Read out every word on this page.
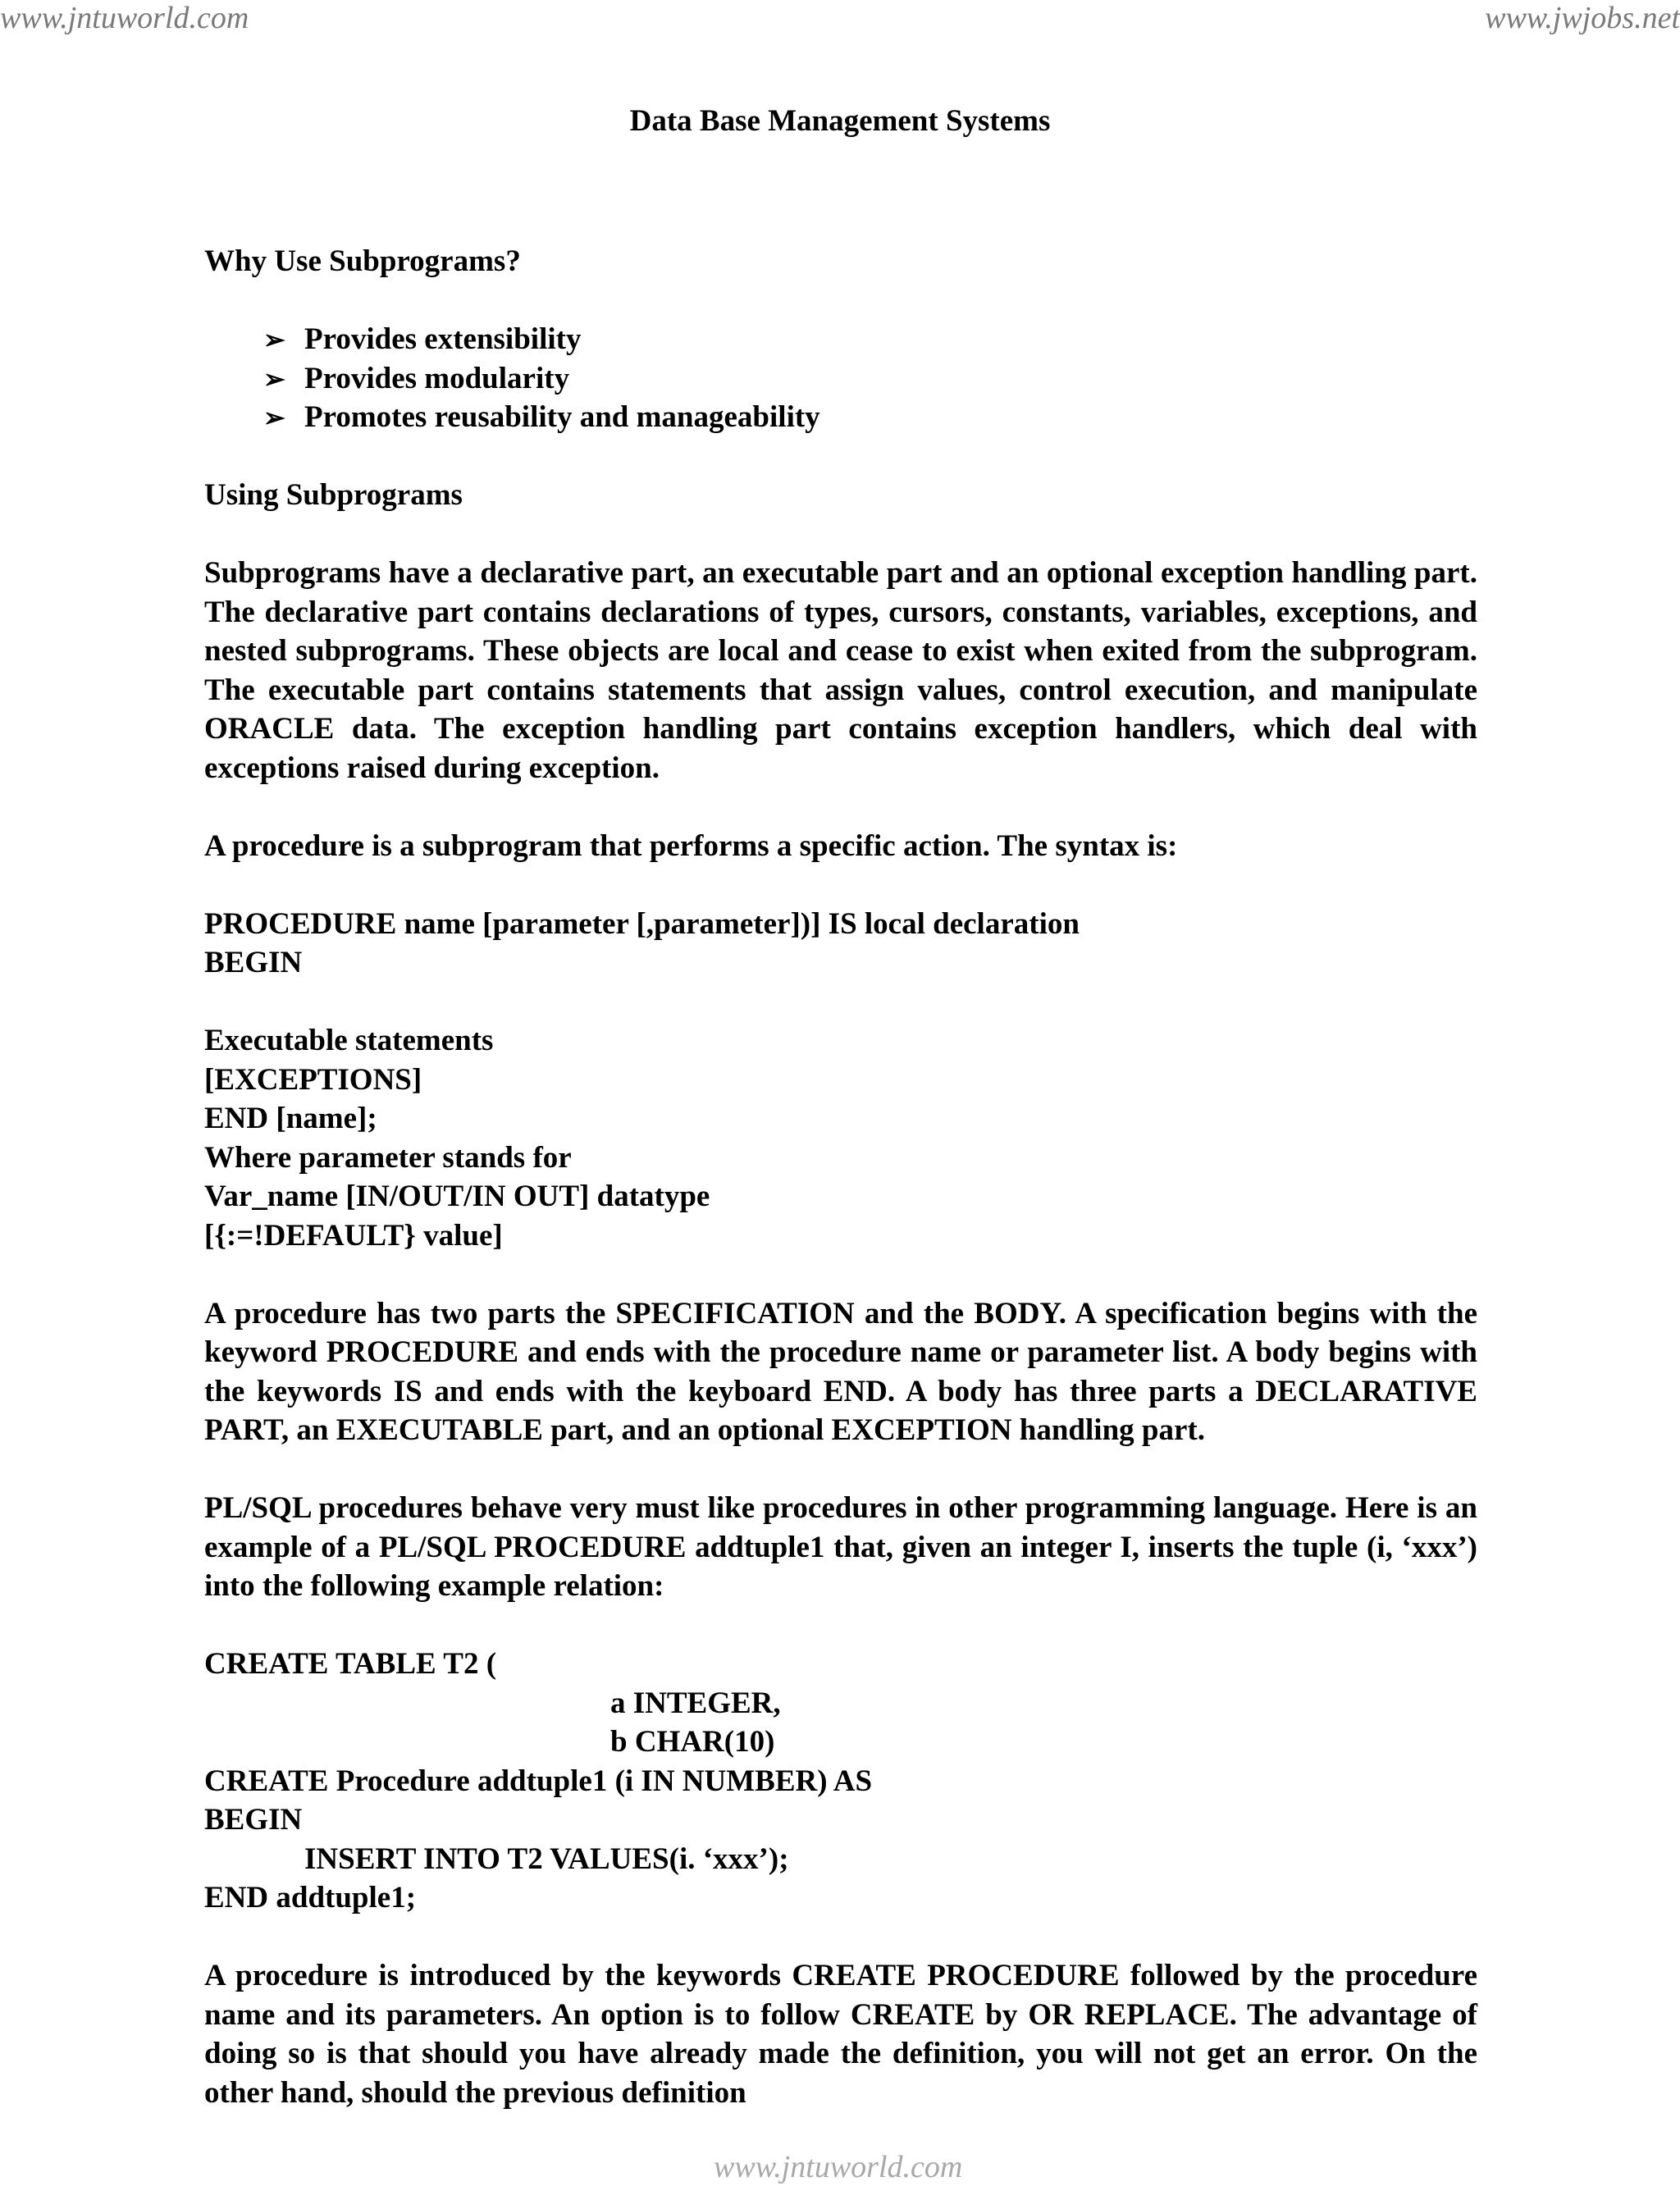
www.jntuworld.com	www.jwjobs.net
Data Base Management Systems
Why Use Subprograms?
➢ Provides extensibility
➢ Provides modularity
➢ Promotes reusability and manageability
Using Subprograms
Subprograms have a declarative part, an executable part and an optional exception handling part. The declarative part contains declarations of types, cursors, constants, variables, exceptions, and nested subprograms. These objects are local and cease to exist when exited from the subprogram. The executable part contains statements that assign values, control execution, and manipulate ORACLE data. The exception handling part contains exception handlers, which deal with exceptions raised during exception.
A procedure is a subprogram that performs a specific action. The syntax is:
PROCEDURE name [parameter [,parameter])] IS local declaration
BEGIN
Executable statements
[EXCEPTIONS]
END [name];
Where parameter stands for
Var_name [IN/OUT/IN OUT] datatype
[{:=!DEFAULT} value]
A procedure has two parts the SPECIFICATION and the BODY. A specification begins with the keyword PROCEDURE and ends with the procedure name or parameter list. A body begins with the keywords IS and ends with the keyboard END. A body has three parts a DECLARATIVE PART, an EXECUTABLE part, and an optional EXCEPTION handling part.
PL/SQL procedures behave very must like procedures in other programming language. Here is an example of a PL/SQL PROCEDURE addtuple1 that, given an integer I, inserts the tuple (i, ‘xxx’) into the following example relation:
CREATE TABLE T2 (
a INTEGER,
b CHAR(10)
CREATE Procedure addtuple1 (i IN NUMBER) AS
BEGIN
INSERT INTO T2 VALUES(i. ‘xxx’);
END addtuple1;
A procedure is introduced by the keywords CREATE PROCEDURE followed by the procedure name and its parameters. An option is to follow CREATE by OR REPLACE. The advantage of doing so is that should you have already made the definition, you will not get an error. On the other hand, should the previous definition
www.jntuworld.com
